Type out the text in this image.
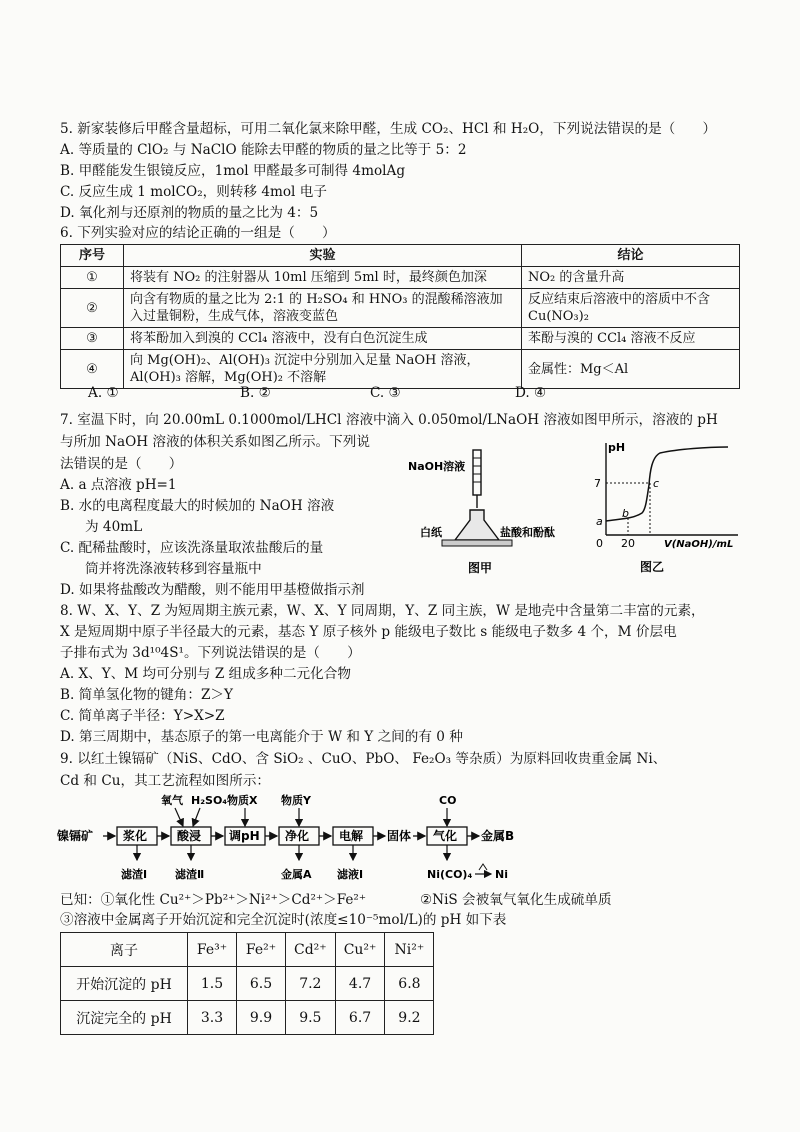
5. 新家装修后甲醛含量超标，可用二氧化氯来除甲醛，生成 CO₂、HCl 和 H₂O，下列说法错误的是（　　）
A. 等质量的 ClO₂ 与 NaClO 能除去甲醛的物质的量之比等于 5：2
B. 甲醛能发生银镜反应，1mol 甲醛最多可制得 4molAg
C. 反应生成 1 molCO₂，则转移 4mol 电子
D. 氧化剂与还原剂的物质的量之比为 4：5
6. 下列实验对应的结论正确的一组是（　　）
序号	实验	结论
①	将装有 NO₂ 的注射器从 10ml 压缩到 5ml 时，最终颜色加深	NO₂ 的含量升高
②	向含有物质的量之比为 2:1 的 H₂SO₄ 和 HNO₃ 的混酸稀溶液加入过量铜粉，生成气体，溶液变蓝色	反应结束后溶液中的溶质中不含 Cu(NO₃)₂
③	将苯酚加入到溴的 CCl₄ 溶液中，没有白色沉淀生成	苯酚与溴的 CCl₄ 溶液不反应
④	向 Mg(OH)₂、Al(OH)₃ 沉淀中分别加入足量 NaOH 溶液，Al(OH)₃ 溶解，Mg(OH)₂ 不溶解	金属性：Mg＜Al
A. ①	B. ②	C. ③	D. ④
7. 室温下时，向 20.00mL 0.1000mol/LHCl 溶液中滴入 0.050mol/LNaOH 溶液如图甲所示，溶液的 pH
与所加 NaOH 溶液的体积关系如图乙所示。下列说
法错误的是（　　）
A. a 点溶液 pH=1
B. 水的电离程度最大的时候加的 NaOH 溶液
为 40mL
C. 配稀盐酸时，应该洗涤量取浓盐酸后的量
筒并将洗涤液转移到容量瓶中
D. 如果将盐酸改为醋酸，则不能用甲基橙做指示剂
NaOH溶液
白纸	盐酸和酚酞
图甲
pH
7
a
b
c
0 20	V(NaOH)/mL
图乙
8. W、X、Y、Z 为短周期主族元素，W、X、Y 同周期，Y、Z 同主族，W 是地壳中含量第二丰富的元素，
X 是短周期中原子半径最大的元素，基态 Y 原子核外 p 能级电子数比 s 能级电子数多 4 个，M 价层电
子排布式为 3d¹⁰4S¹。下列说法错误的是（　　）
A. X、Y、M 均可分别与 Z 组成多种二元化合物
B. 简单氢化物的键角：Z＞Y
C. 简单离子半径：Y>X>Z
D. 第三周期中，基态原子的第一电离能介于 W 和 Y 之间的有 0 种
9. 以红土镍镉矿（NiS、CdO、含 SiO₂ 、CuO、PbO、 Fe₂O₃ 等杂质）为原料回收贵重金属 Ni、
Cd 和 Cu，其工艺流程如图所示：
镍镉矿 浆化 酸浸 调pH 净化 电解 固体 气化 金属B
氧气 H₂SO₄ 物质X 物质Y	CO
滤渣Ⅰ	滤渣Ⅱ	金属A 滤液Ⅰ	Ni(CO)₄ Ni
已知：①氧化性 Cu²⁺＞Pb²⁺＞Ni²⁺＞Cd²⁺＞Fe²⁺	②NiS 会被氧气氧化生成硫单质
③溶液中金属离子开始沉淀和完全沉淀时(浓度≤10⁻⁵mol/L)的 pH 如下表
离子	Fe³⁺	Fe²⁺	Cd²⁺	Cu²⁺	Ni²⁺
开始沉淀的 pH	1.5	6.5	7.2	4.7	6.8
沉淀完全的 pH	3.3	9.9	9.5	6.7	9.2
